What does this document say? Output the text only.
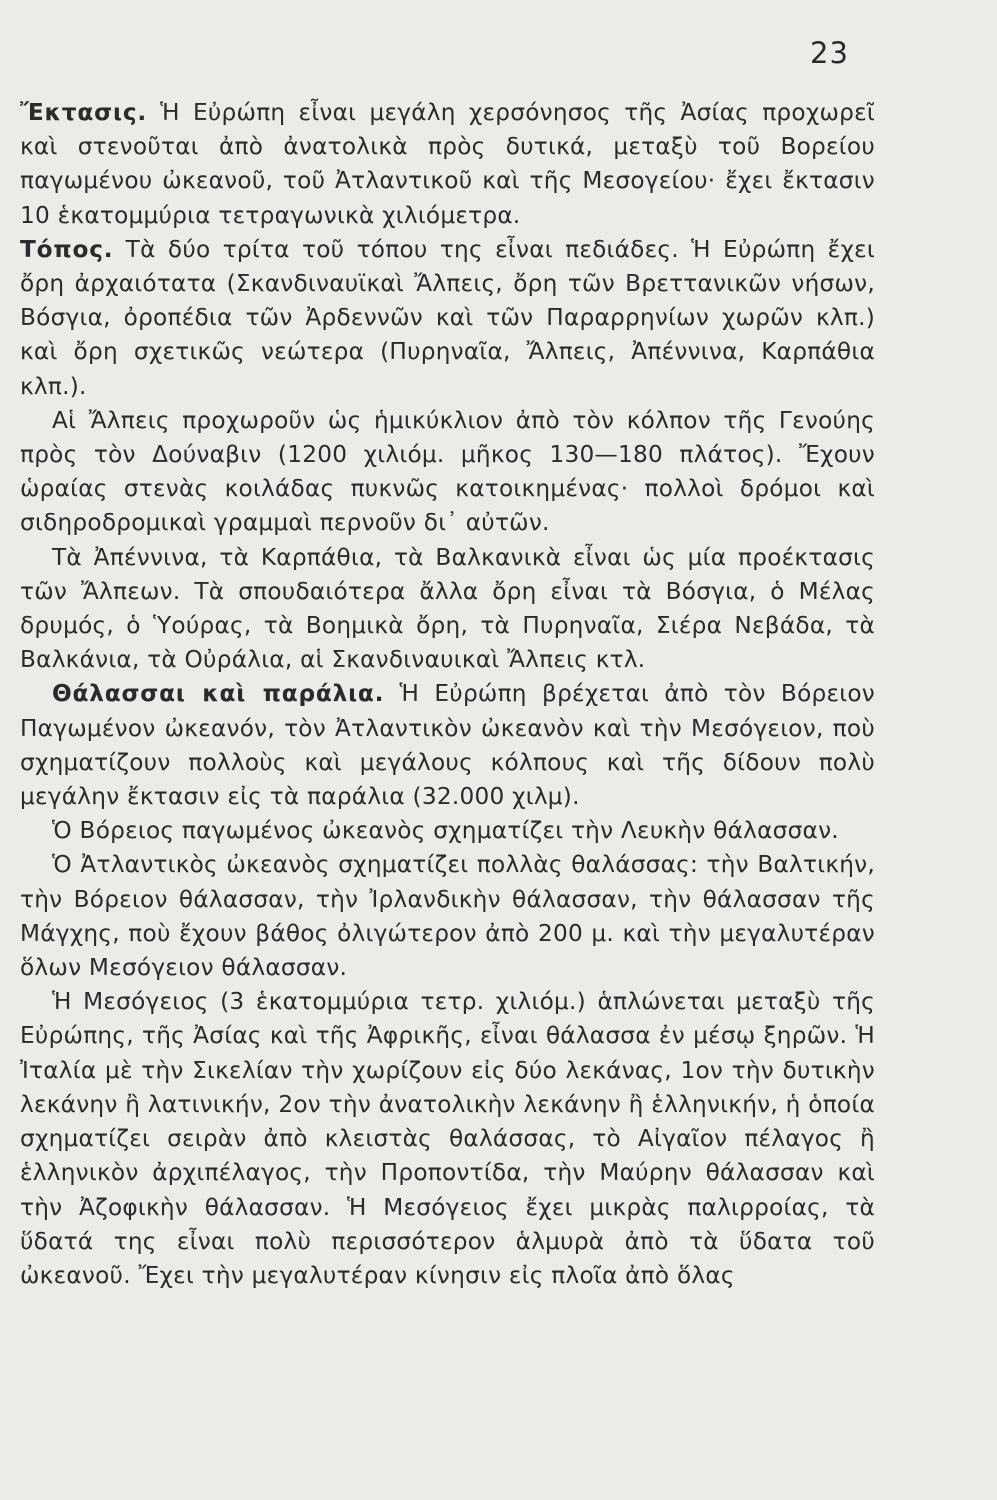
23

Ἔκτασις. Ἡ Εὐρώπη εἶναι μεγάλη χερσόνησος τῆς Ἀσίας προχωρεῖ καὶ στενοῦται ἀπὸ ἀνατολικὰ πρὸς δυτικά, μεταξὺ τοῦ Βορείου παγωμένου ὠκεανοῦ, τοῦ Ἀτλαντικοῦ καὶ τῆς Μεσογείου· ἔχει ἔκτασιν 10 ἑκατομμύρια τετραγωνικὰ χιλιόμετρα.

Τόπος. Τὰ δύο τρίτα τοῦ τόπου της εἶναι πεδιάδες. Ἡ Εὐρώπη ἔχει ὄρη ἀρχαιότατα (Σκανδιναυϊκαὶ Ἄλπεις, ὄρη τῶν Βρεττανικῶν νήσων, Βόσγια, ὀροπέδια τῶν Ἀρδεννῶν καὶ τῶν Παραρρηνίων χωρῶν κλπ.) καὶ ὄρη σχετικῶς νεώτερα (Πυρηναῖα, Ἄλπεις, Ἀπέννινα, Καρπάθια κλπ.).

Αἱ Ἄλπεις προχωροῦν ὡς ἡμικύκλιον ἀπὸ τὸν κόλπον τῆς Γενούης πρὸς τὸν Δούναβιν (1200 χιλιόμ. μῆκος 130—180 πλάτος). Ἔχουν ὡραίας στενὰς κοιλάδας πυκνῶς κατοικημένας· πολλοὶ δρόμοι καὶ σιδηροδρομικαὶ γραμμαὶ περνοῦν δι᾿ αὐτῶν.

Τὰ Ἀπέννινα, τὰ Καρπάθια, τὰ Βαλκανικὰ εἶναι ὡς μία προέκτασις τῶν Ἄλπεων. Τὰ σπουδαιότερα ἄλλα ὄρη εἶναι τὰ Βόσγια, ὁ Μέλας δρυμός, ὁ Ὑούρας, τὰ Βοημικὰ ὄρη, τὰ Πυρηναῖα, Σιέρα Νεβάδα, τὰ Βαλκάνια, τὰ Οὐράλια, αἱ Σκανδιναυικαὶ Ἄλπεις κτλ.

Θάλασσαι καὶ παράλια. Ἡ Εὐρώπη βρέχεται ἀπὸ τὸν Βόρειον Παγωμένον ὠκεανόν, τὸν Ἀτλαντικὸν ὠκεανὸν καὶ τὴν Μεσόγειον, ποὺ σχηματίζουν πολλοὺς καὶ μεγάλους κόλπους καὶ τῆς δίδουν πολὺ μεγάλην ἔκτασιν εἰς τὰ παράλια (32.000 χιλμ).

Ὁ Βόρειος παγωμένος ὠκεανὸς σχηματίζει τὴν Λευκὴν θάλασσαν.

Ὁ Ἀτλαντικὸς ὠκεανὸς σχηματίζει πολλὰς θαλάσσας: τὴν Βαλτικήν, τὴν Βόρειον θάλασσαν, τὴν Ἰρλανδικὴν θάλασσαν, τὴν θάλασσαν τῆς Μάγχης, ποὺ ἔχουν βάθος ὀλιγώτερον ἀπὸ 200 μ. καὶ τὴν μεγαλυτέραν ὅλων Μεσόγειον θάλασσαν.

Ἡ Μεσόγειος (3 ἑκατομμύρια τετρ. χιλιόμ.) ἁπλώνεται μεταξὺ τῆς Εὐρώπης, τῆς Ἀσίας καὶ τῆς Ἀφρικῆς, εἶναι θάλασσα ἐν μέσῳ ξηρῶν. Ἡ Ἰταλία μὲ τὴν Σικελίαν τὴν χωρίζουν εἰς δύο λεκάνας, 1ον τὴν δυτικὴν λεκάνην ἢ λατινικήν, 2ον τὴν ἀνατολικὴν λεκάνην ἢ ἑλληνικήν, ἡ ὁποία σχηματίζει σειρὰν ἀπὸ κλειστὰς θαλάσσας, τὸ Αἰγαῖον πέλαγος ἢ ἑλληνικὸν ἀρχιπέλαγος, τὴν Προποντίδα, τὴν Μαύρην θάλασσαν καὶ τὴν Ἀζοφικὴν θάλασσαν. Ἡ Μεσόγειος ἔχει μικρὰς παλιρροίας, τὰ ὕδατά της εἶναι πολὺ περισσότερον ἁλμυρὰ ἀπὸ τὰ ὕδατα τοῦ ὠκεανοῦ. Ἔχει τὴν μεγαλυτέραν κίνησιν εἰς πλοῖα ἀπὸ ὅλας
